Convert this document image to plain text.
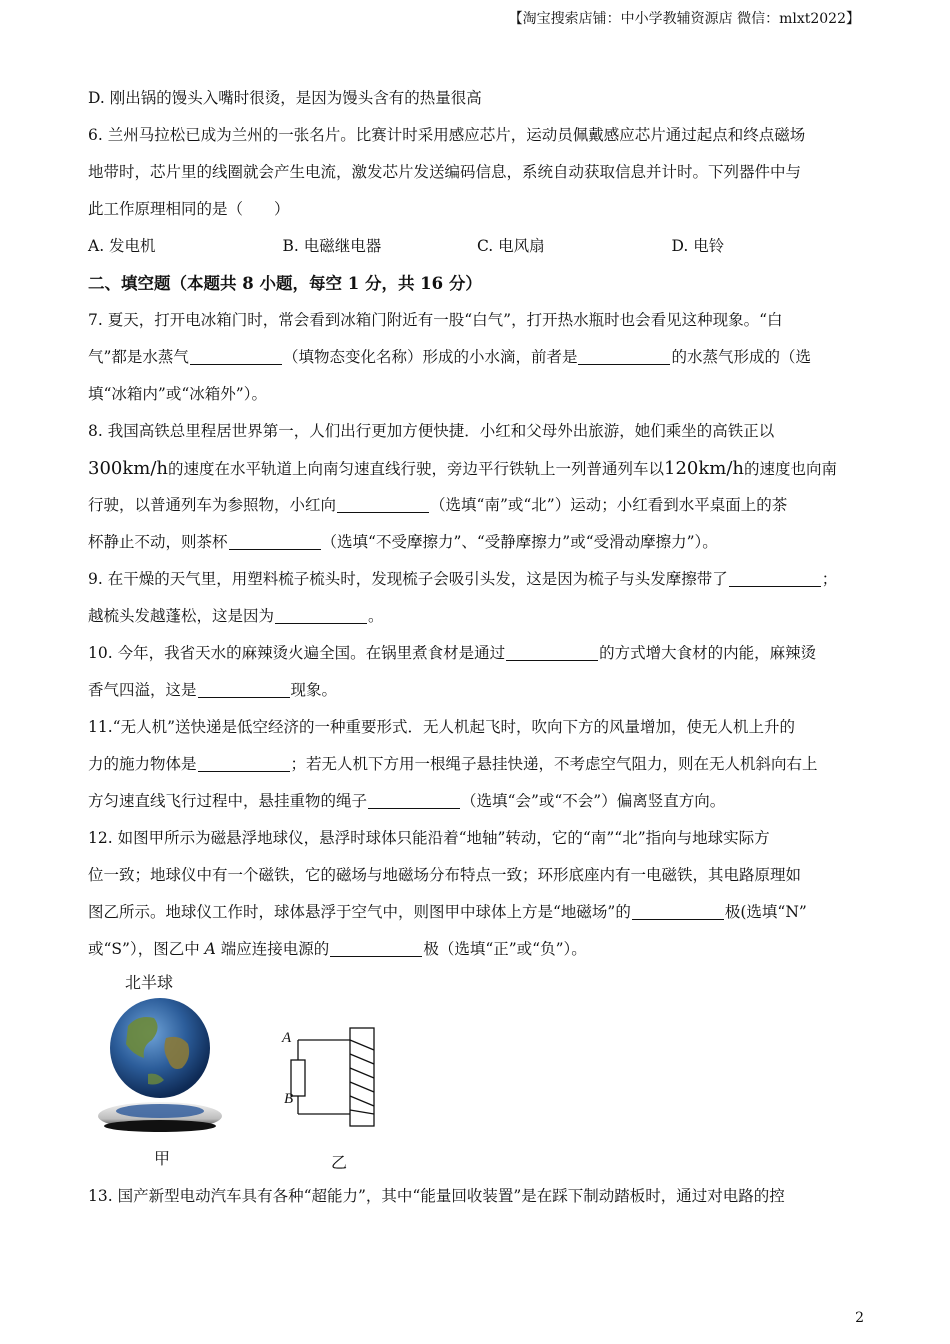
【淘宝搜索店铺：中小学教辅资源店 微信：mlxt2022】
D. 刚出锅的馒头入嘴时很烫，是因为馒头含有的热量很高
6. 兰州马拉松已成为兰州的一张名片。比赛计时采用感应芯片，运动员佩戴感应芯片通过起点和终点磁场
地带时，芯片里的线圈就会产生电流，激发芯片发送编码信息，系统自动获取信息并计时。下列器件中与
此工作原理相同的是（　　）
A. 发电机	B. 电磁继电器	C. 电风扇	D. 电铃
二、填空题（本题共 8 小题，每空 1 分，共 16 分）
7. 夏天，打开电冰箱门时，常会看到冰箱门附近有一股“白气”，打开热水瓶时也会看见这种现象。“白
气”都是水蒸气	（填物态变化名称）形成的小水滴，前者是	的水蒸气形成的（选
填“冰箱内”或“冰箱外”）。
8. 我国高铁总里程居世界第一，人们出行更加方便快捷．小红和父母外出旅游，她们乘坐的高铁正以
300km/h的速度在水平轨道上向南匀速直线行驶，旁边平行铁轨上一列普通列车以120km/h的速度也向南
行驶，以普通列车为参照物，小红向	（选填“南”或“北”）运动；小红看到水平桌面上的茶
杯静止不动，则茶杯	（选填“不受摩擦力”、“受静摩擦力”或“受滑动摩擦力”）。
9. 在干燥的天气里，用塑料梳子梳头时，发现梳子会吸引头发，这是因为梳子与头发摩擦带了	；
越梳头发越蓬松，这是因为	。
10. 今年，我省天水的麻辣烫火遍全国。在锅里煮食材是通过	的方式增大食材的内能，麻辣烫
香气四溢，这是	现象。
11.“无人机”送快递是低空经济的一种重要形式．无人机起飞时，吹向下方的风量增加，使无人机上升的
力的施力物体是	；若无人机下方用一根绳子悬挂快递，不考虑空气阻力，则在无人机斜向右上
方匀速直线飞行过程中，悬挂重物的绳子	（选填“会”或“不会”）偏离竖直方向。
12. 如图甲所示为磁悬浮地球仪，悬浮时球体只能沿着“地轴”转动，它的“南”“北”指向与地球实际方
位一致；地球仪中有一个磁铁，它的磁场与地磁场分布特点一致；环形底座内有一电磁铁，其电路原理如
图乙所示。地球仪工作时，球体悬浮于空气中，则图甲中球体上方是“地磁场”的	极(选填“N”
或“S”），图乙中 A 端应连接电源的	极（选填“正”或“负”）。
北半球
甲
A
B
乙
13. 国产新型电动汽车具有各种“超能力”，其中“能量回收装置”是在踩下制动踏板时，通过对电路的控
2
